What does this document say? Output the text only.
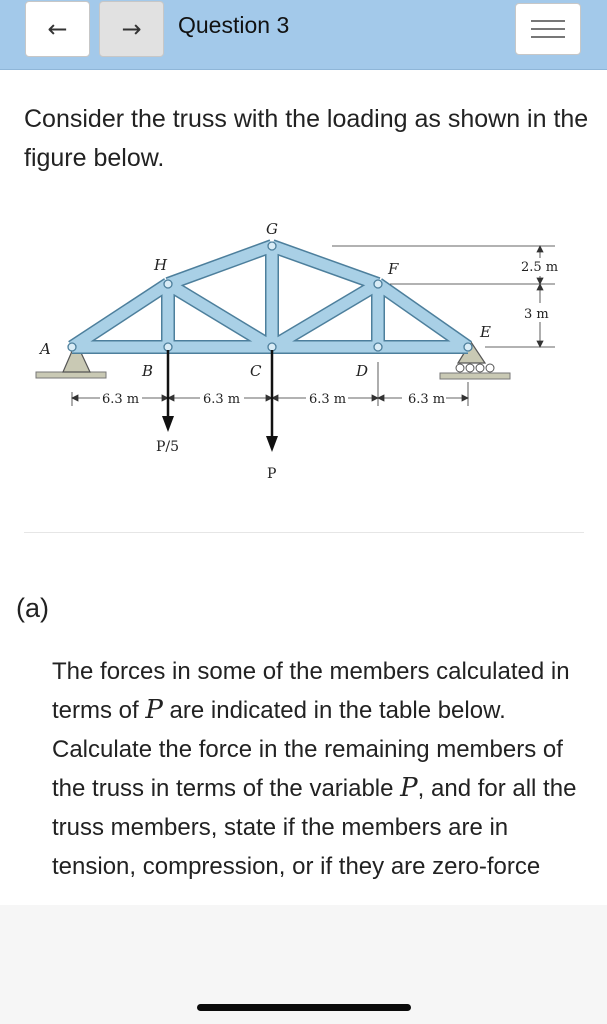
← → Question 3
Consider the truss with the loading as shown in the figure below.
A
H
G
F
E
B	C	D
2.5 m
3 m
6.3 m	6.3 m	6.3 m	6.3 m
P/5
P
(a)
The forces in some of the members calculated in terms of P are indicated in the table below. Calculate the force in the remaining members of the truss in terms of the variable P, and for all the truss members, state if the members are in tension, compression, or if they are zero-force
